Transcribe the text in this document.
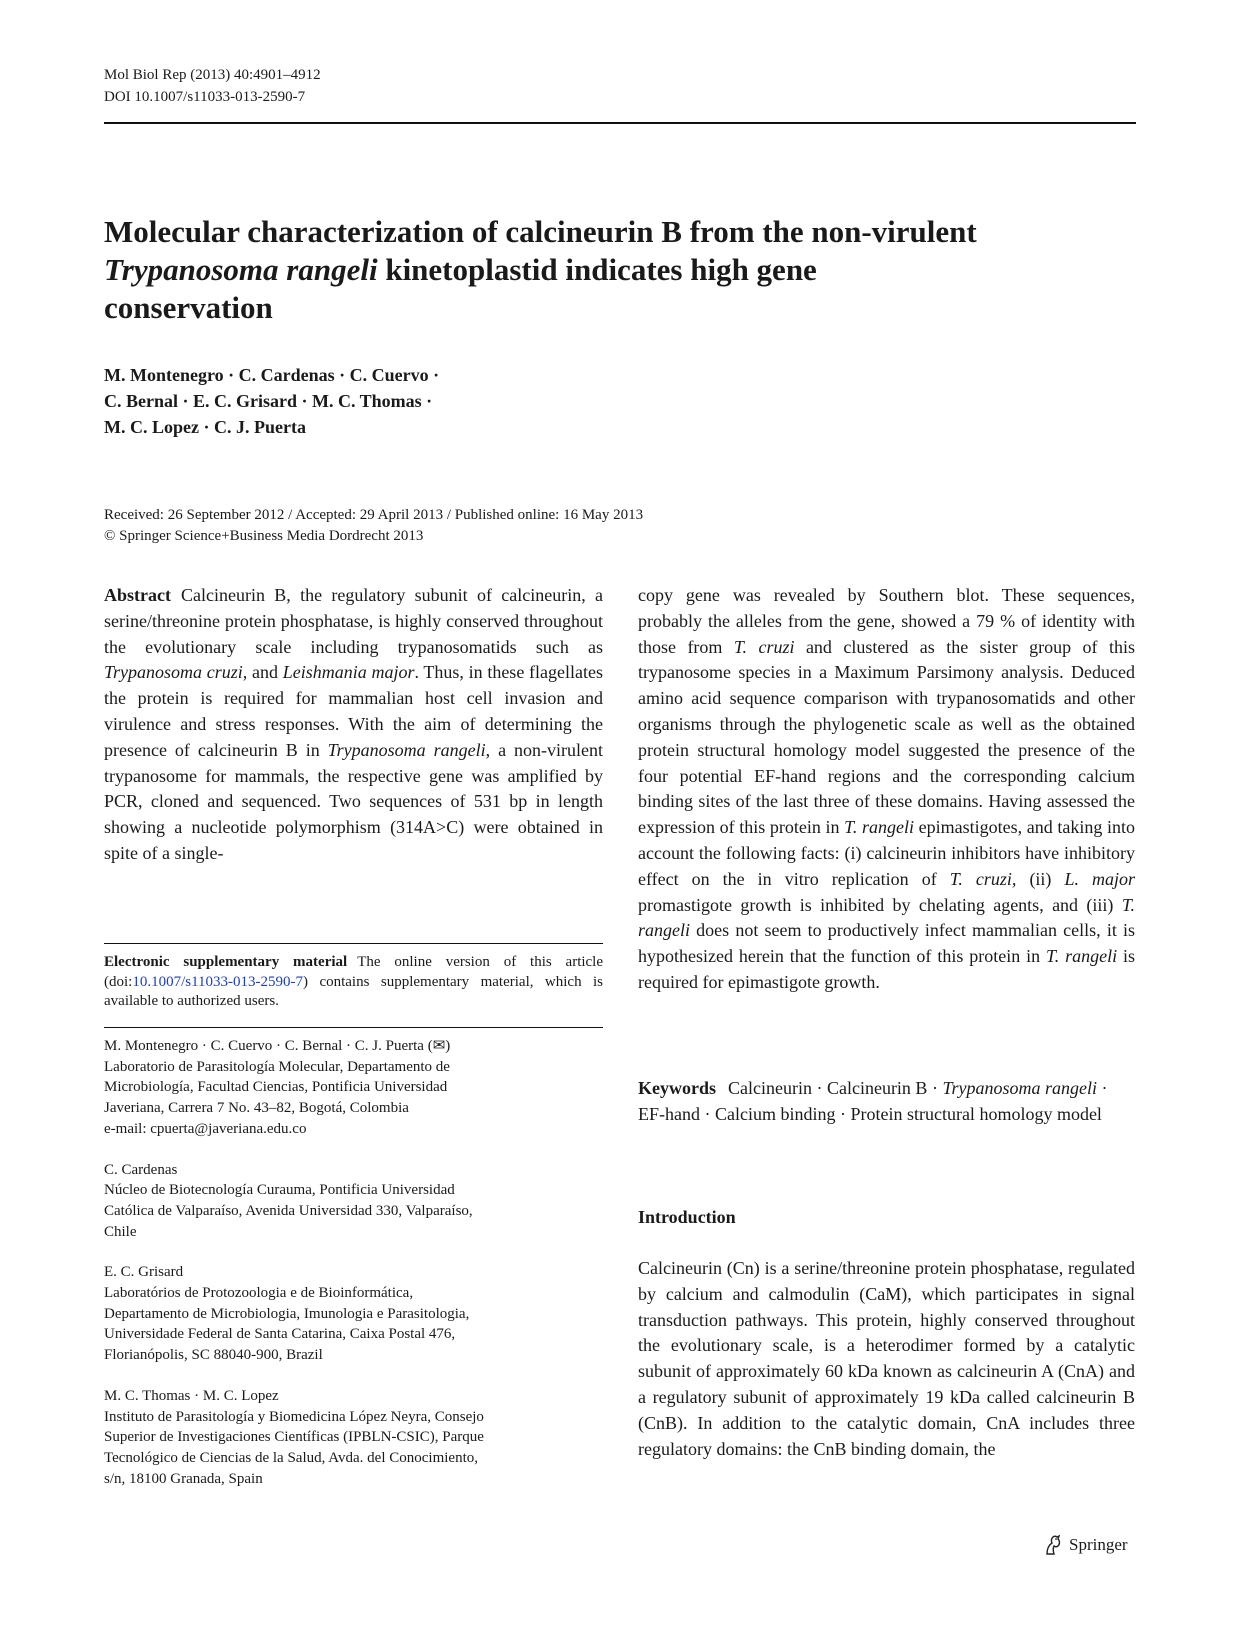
Mol Biol Rep (2013) 40:4901–4912
DOI 10.1007/s11033-013-2590-7
Molecular characterization of calcineurin B from the non-virulent
Trypanosoma rangeli kinetoplastid indicates high gene
conservation
M. Montenegro · C. Cardenas · C. Cuervo ·
C. Bernal · E. C. Grisard · M. C. Thomas ·
M. C. Lopez · C. J. Puerta
Received: 26 September 2012 / Accepted: 29 April 2013 / Published online: 16 May 2013
© Springer Science+Business Media Dordrecht 2013

Abstract Calcineurin B, the regulatory subunit of calcineurin, a serine/threonine protein phosphatase, is highly conserved throughout the evolutionary scale including trypanosomatids such as Trypanosoma cruzi, and Leishmania major. Thus, in these flagellates the protein is required for mammalian host cell invasion and virulence and stress responses. With the aim of determining the presence of calcineurin B in Trypanosoma rangeli, a non-virulent trypanosome for mammals, the respective gene was amplified by PCR, cloned and sequenced. Two sequences of 531 bp in length showing a nucleotide polymorphism (314A>C) were obtained in spite of a single-

copy gene was revealed by Southern blot. These sequences, probably the alleles from the gene, showed a 79 % of identity with those from T. cruzi and clustered as the sister group of this trypanosome species in a Maximum Parsimony analysis. Deduced amino acid sequence comparison with trypanosomatids and other organisms through the phylogenetic scale as well as the obtained protein structural homology model suggested the presence of the four potential EF-hand regions and the corresponding calcium binding sites of the last three of these domains. Having assessed the expression of this protein in T. rangeli epimastigotes, and taking into account the following facts: (i) calcineurin inhibitors have inhibitory effect on the in vitro replication of T. cruzi, (ii) L. major promastigote growth is inhibited by chelating agents, and (iii) T. rangeli does not seem to productively infect mammalian cells, it is hypothesized herein that the function of this protein in T. rangeli is required for epimastigote growth.

Electronic supplementary material The online version of this article (doi:10.1007/s11033-013-2590-7) contains supplementary material, which is available to authorized users.
M. Montenegro · C. Cuervo · C. Bernal · C. J. Puerta (✉)
Laboratorio de Parasitología Molecular, Departamento de
Microbiología, Facultad Ciencias, Pontificia Universidad
Javeriana, Carrera 7 No. 43–82, Bogotá, Colombia
e-mail: cpuerta@javeriana.edu.co
C. Cardenas
Núcleo de Biotecnología Curauma, Pontificia Universidad
Católica de Valparaíso, Avenida Universidad 330, Valparaíso,
Chile
E. C. Grisard
Laboratórios de Protozoologia e de Bioinformática,
Departamento de Microbiologia, Imunologia e Parasitologia,
Universidade Federal de Santa Catarina, Caixa Postal 476,
Florianópolis, SC 88040-900, Brazil
M. C. Thomas · M. C. Lopez
Instituto de Parasitología y Biomedicina López Neyra, Consejo
Superior de Investigaciones Científicas (IPBLN-CSIC), Parque
Tecnológico de Ciencias de la Salud, Avda. del Conocimiento,
s/n, 18100 Granada, Spain
Keywords Calcineurin · Calcineurin B · Trypanosoma rangeli · EF-hand · Calcium binding · Protein structural homology model
Introduction

Calcineurin (Cn) is a serine/threonine protein phosphatase, regulated by calcium and calmodulin (CaM), which participates in signal transduction pathways. This protein, highly conserved throughout the evolutionary scale, is a heterodimer formed by a catalytic subunit of approximately 60 kDa known as calcineurin A (CnA) and a regulatory subunit of approximately 19 kDa called calcineurin B (CnB). In addition to the catalytic domain, CnA includes three regulatory domains: the CnB binding domain, the

Springer
